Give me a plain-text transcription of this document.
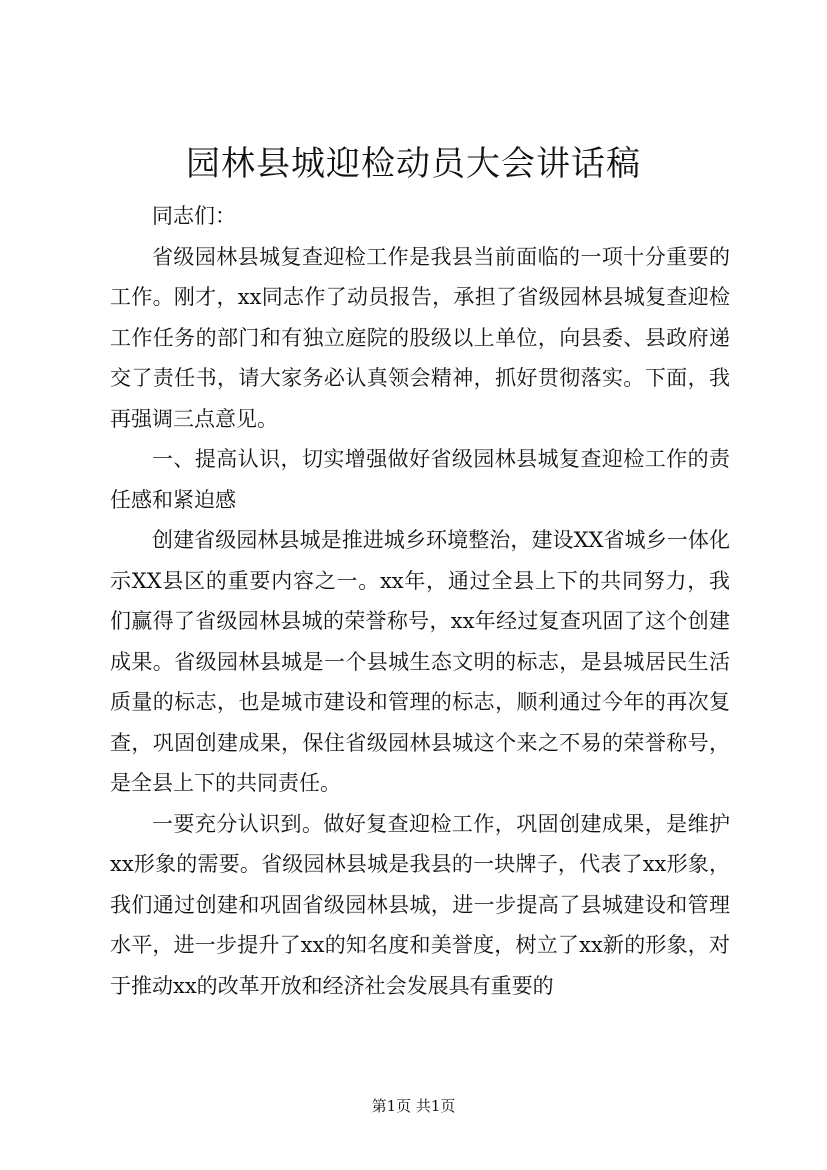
园林县城迎检动员大会讲话稿

同志们：

省级园林县城复查迎检工作是我县当前面临的一项十分重要的工作。刚才，xx同志作了动员报告，承担了省级园林县城复查迎检工作任务的部门和有独立庭院的股级以上单位，向县委、县政府递交了责任书，请大家务必认真领会精神，抓好贯彻落实。下面，我再强调三点意见。

一、提高认识，切实增强做好省级园林县城复查迎检工作的责任感和紧迫感

创建省级园林县城是推进城乡环境整治，建设XX省城乡一体化示XX县区的重要内容之一。xx年，通过全县上下的共同努力，我们赢得了省级园林县城的荣誉称号，xx年经过复查巩固了这个创建成果。省级园林县城是一个县城生态文明的标志，是县城居民生活质量的标志，也是城市建设和管理的标志，顺利通过今年的再次复查，巩固创建成果，保住省级园林县城这个来之不易的荣誉称号，是全县上下的共同责任。

一要充分认识到。做好复查迎检工作，巩固创建成果，是维护xx形象的需要。省级园林县城是我县的一块牌子，代表了xx形象，我们通过创建和巩固省级园林县城，进一步提高了县城建设和管理水平，进一步提升了xx的知名度和美誉度，树立了xx新的形象，对于推动xx的改革开放和经济社会发展具有重要的

第1页 共1页
